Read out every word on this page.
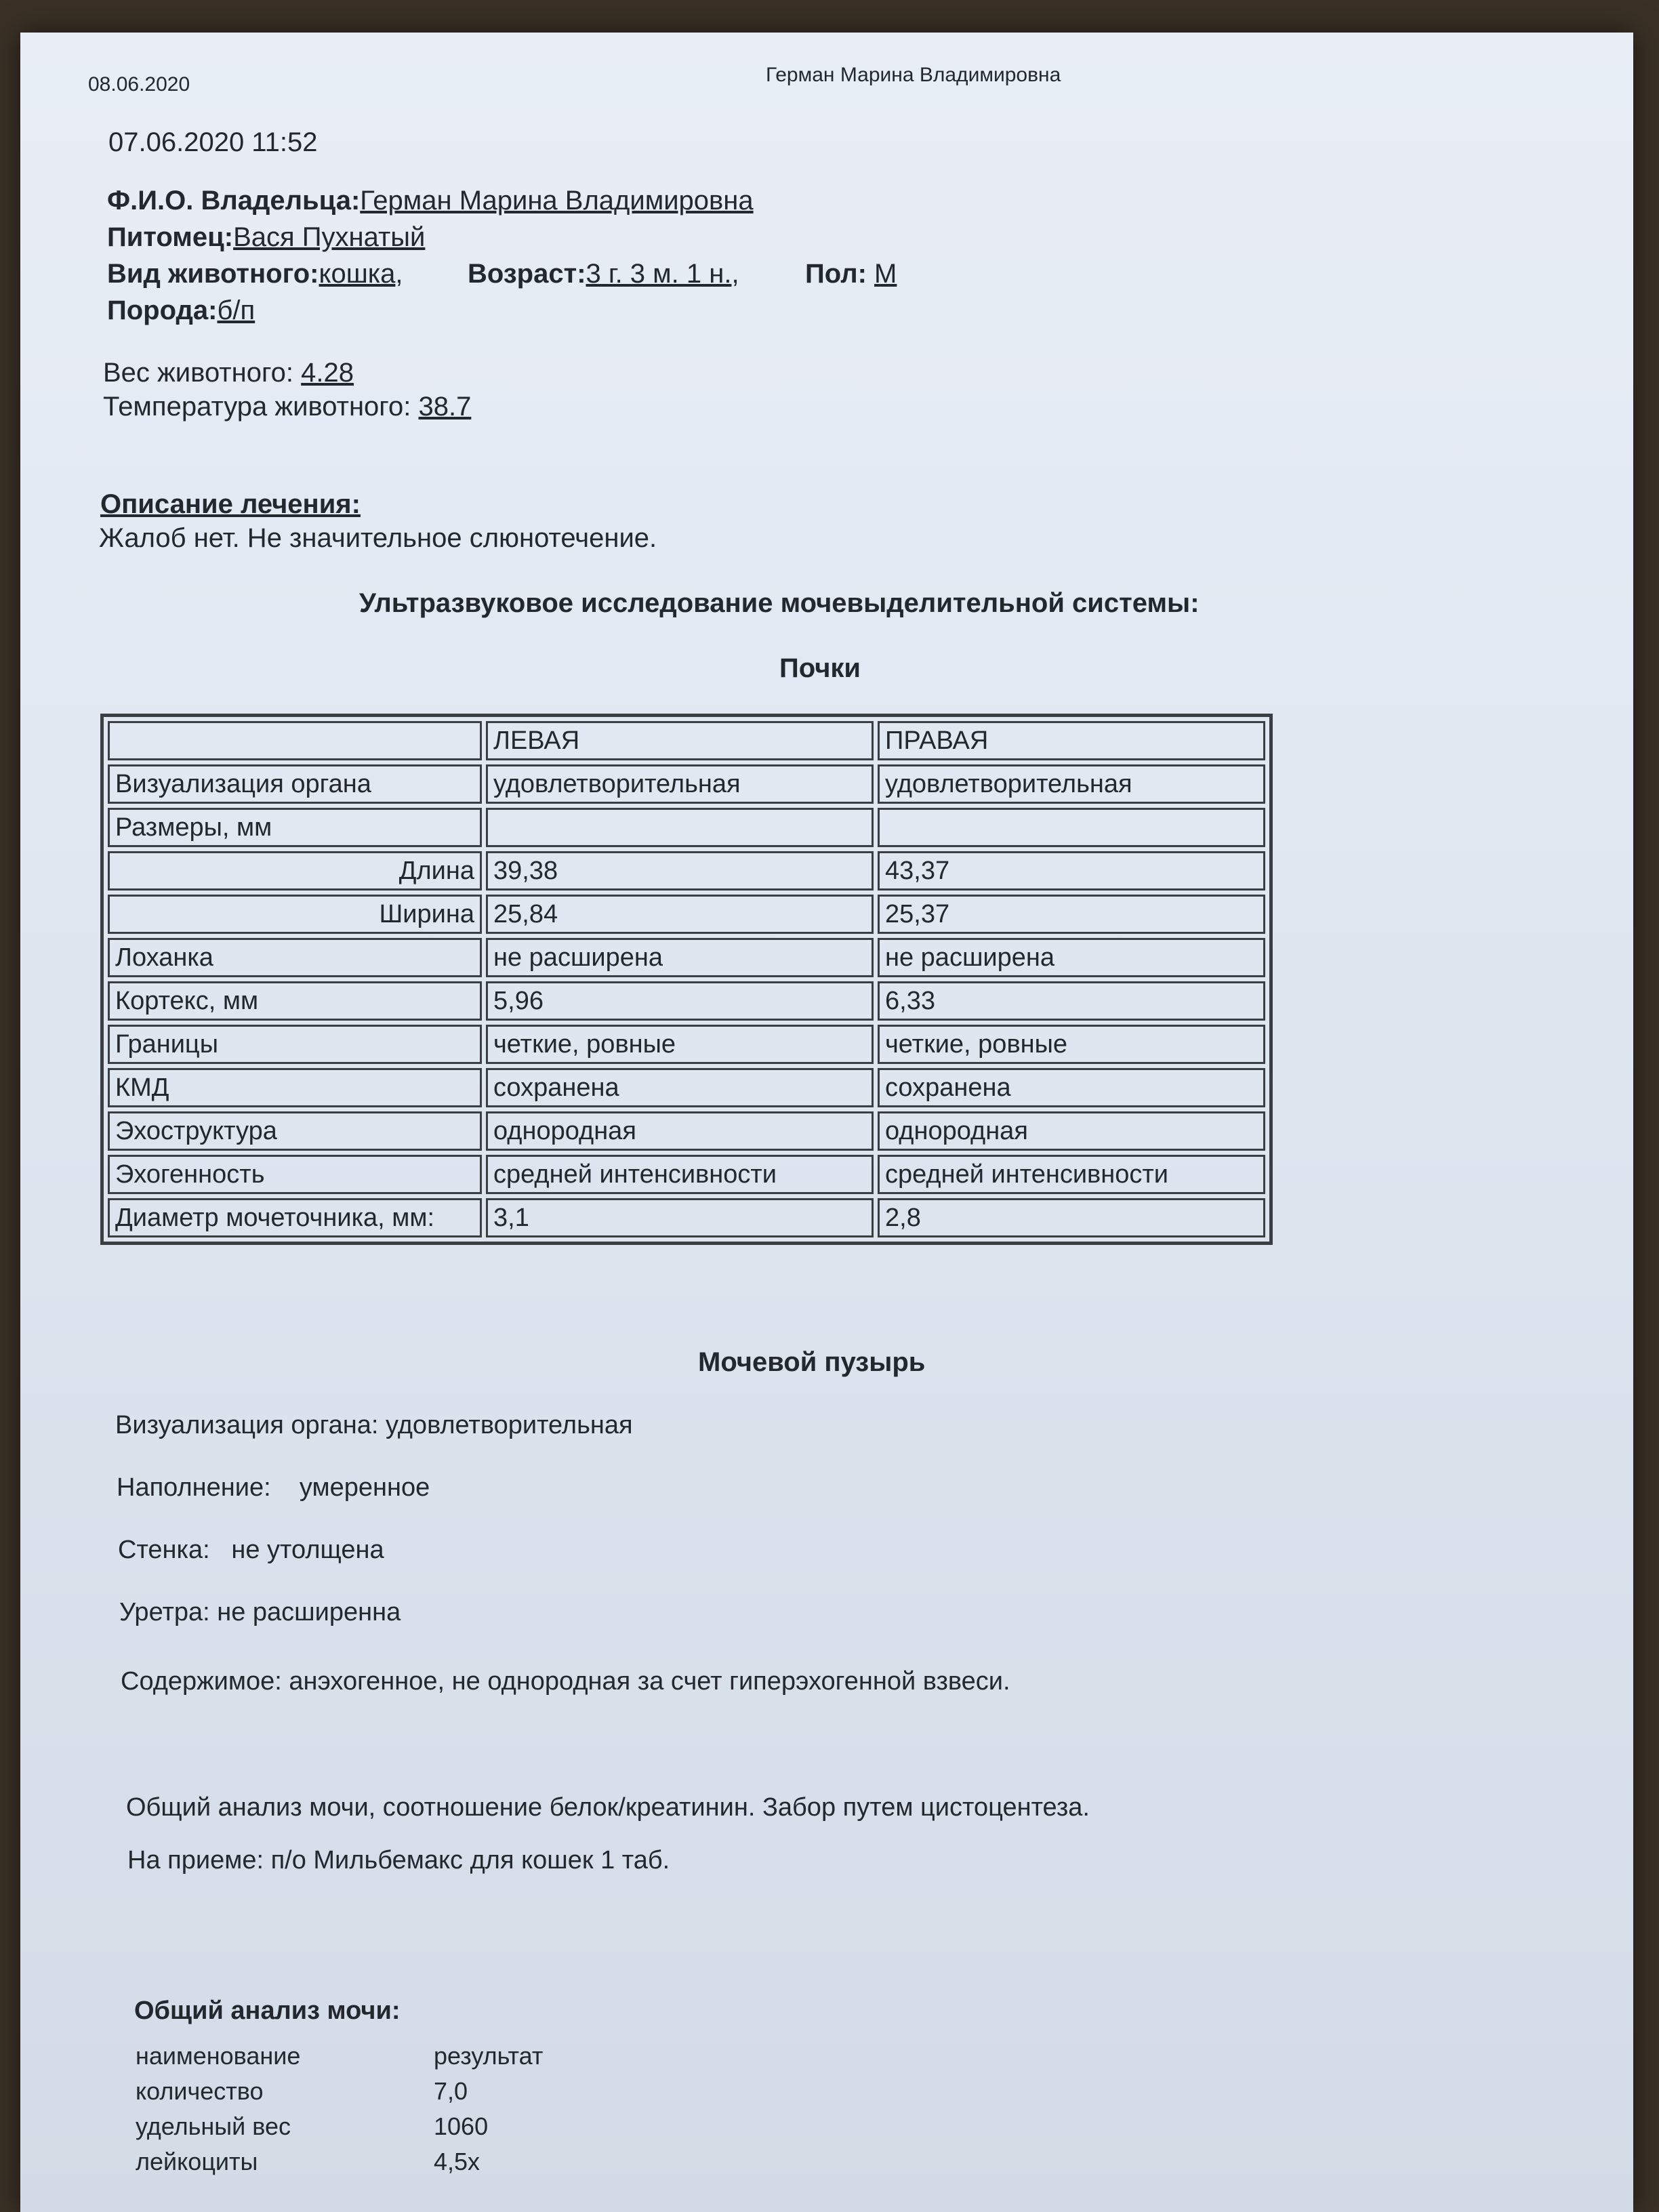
08.06.2020	Герман Марина Владимировна
07.06.2020 11:52
Ф.И.О. Владельца:Герман Марина Владимировна
Питомец:Вася Пухнатый
Вид животного:кошка, Возраст:3 г. 3 м. 1 н., Пол: М
Порода:б/п
Вес животного: 4.28
Температура животного: 38.7
Описание лечения:
Жалоб нет. Не значительное слюнотечение.
Ультразвуковое исследование мочевыделительной системы:
Почки
	ЛЕВАЯ	ПРАВАЯ
Визуализация органа	удовлетворительная	удовлетворительная
Размеры, мм		
Длина	39,38	43,37
Ширина	25,84	25,37
Лоханка	не расширена	не расширена
Кортекс, мм	5,96	6,33
Границы	четкие, ровные	четкие, ровные
КМД	сохранена	сохранена
Эхоструктура	однородная	однородная
Эхогенность	средней интенсивности	средней интенсивности
Диаметр мочеточника, мм:	3,1	2,8
Мочевой пузырь
Визуализация органа: удовлетворительная
Наполнение:    умеренное
Стенка:   не утолщена
Уретра: не расширенна
Содержимое: анэхогенное, не однородная за счет гиперэхогенной взвеси.
Общий анализ мочи, соотношение белок/креатинин. Забор путем цистоцентеза.
На приеме: п/о Мильбемакс для кошек 1 таб.
Общий анализ мочи:
наименование	результат
количество	7,0
удельный вес	1060
лейкоциты	4,5х
